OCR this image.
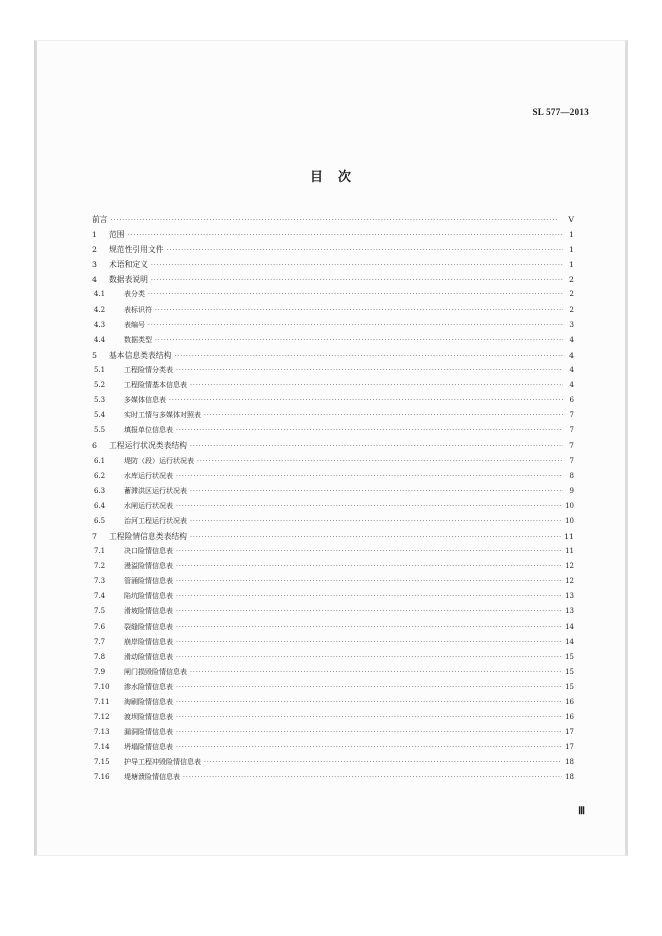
SL 577—2013
目　次
前言 ·····	V
1	范围 ·····	1
2	规范性引用文件 ·····	1
3	术语和定义 ·····	1
4	数据表说明 ·····	2
4.1	表分类 ·····	2
4.2	表标识符 ·····	2
4.3	表编号 ·····	3
4.4	数据类型 ·····	4
5	基本信息类表结构 ·····	4
5.1	工程险情分类表 ·····	4
5.2	工程险情基本信息表 ·····	4
5.3	多媒体信息表 ·····	6
5.4	实时工情与多媒体对照表 ·····	7
5.5	填报单位信息表 ·····	7
6	工程运行状况类表结构 ·····	7
6.1	堤防（段）运行状况表 ·····	7
6.2	水库运行状况表 ·····	8
6.3	蓄滞洪区运行状况表 ·····	9
6.4	水闸运行状况表 ·····	10
6.5	治河工程运行状况表 ·····	10
7	工程险情信息类表结构 ·····	11
7.1	决口险情信息表 ·····	11
7.2	漫溢险情信息表 ·····	12
7.3	管涌险情信息表 ·····	12
7.4	陷坑险情信息表 ·····	13
7.5	滑坡险情信息表 ·····	13
7.6	裂缝险情信息表 ·····	14
7.7	崩岸险情信息表 ·····	14
7.8	滑动险情信息表 ·····	15
7.9	闸门损毁险情信息表 ·····	15
7.10	渗水险情信息表 ·····	15
7.11	淘刷险情信息表 ·····	16
7.12	渡坝险情信息表 ·····	16
7.13	漏洞险情信息表 ·····	17
7.14	坍塌险情信息表 ·····	17
7.15	护导工程冲毁险情信息表 ·····	18
7.16	堤塘溃险情信息表 ·····	18
Ⅲ
